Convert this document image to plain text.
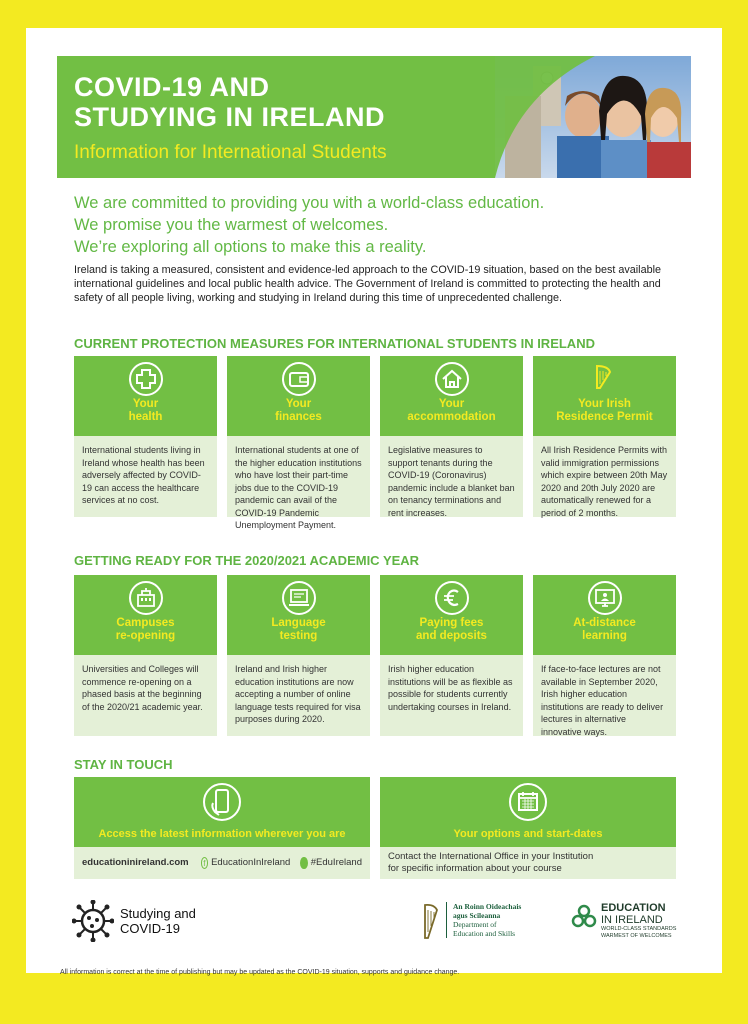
COVID-19 AND
STUDYING IN IRELAND
Information for International Students
We are committed to providing you with a world-class education.
We promise you the warmest of welcomes.
We’re exploring all options to make this a reality.
Ireland is taking a measured, consistent and evidence-led approach to the COVID-19 situation, based on the best available international guidelines and local public health advice. The Government of Ireland is committed to protecting the health and safety of all people living, working and studying in Ireland during this time of unprecedented challenge.
CURRENT PROTECTION MEASURES FOR INTERNATIONAL STUDENTS IN IRELAND
Your
health
International students living in Ireland whose health has been adversely affected by COVID-19 can access the healthcare services at no cost.
Your
finances
International students at one of the higher education institutions who have lost their part-time jobs due to the COVID-19 pandemic can avail of the COVID-19 Pandemic Unemployment Payment.
Your
accommodation
Legislative measures to support tenants during the COVID-19 (Coronavirus) pandemic include a blanket ban on tenancy terminations and rent increases.
Your Irish
Residence Permit
All Irish Residence Permits with valid immigration permissions which expire between 20th May 2020 and 20th July 2020 are automatically renewed for a period of 2 months.
GETTING READY FOR THE 2020/2021 ACADEMIC YEAR
Campuses
re-opening
Universities and Colleges will commence re-opening on a phased basis at the beginning of the 2020/21 academic year.
Language
testing
Ireland and Irish higher education institutions are now accepting a number of online language tests required for visa purposes during 2020.
Paying fees
and deposits
Irish higher education institutions will be as flexible as possible for students currently undertaking courses in Ireland.
At-distance
learning
If face-to-face lectures are not available in September 2020, Irish higher education institutions are ready to deliver lectures in alternative innovative ways.
STAY IN TOUCH
Access the latest information wherever you are
educationinireland.com	f EducationInIreland #EduIreland
Your options and start-dates
Contact the International Office in your Institution
for specific information about your course
Studying and
COVID-19
An Roinn Oideachais
agus Scileanna
Department of
Education and Skills
EDUCATION
IN IRELAND
WORLD-CLASS STANDARDS
WARMEST OF WELCOMES
All information is correct at the time of publishing but may be updated as the COVID-19 situation, supports and guidance change.
